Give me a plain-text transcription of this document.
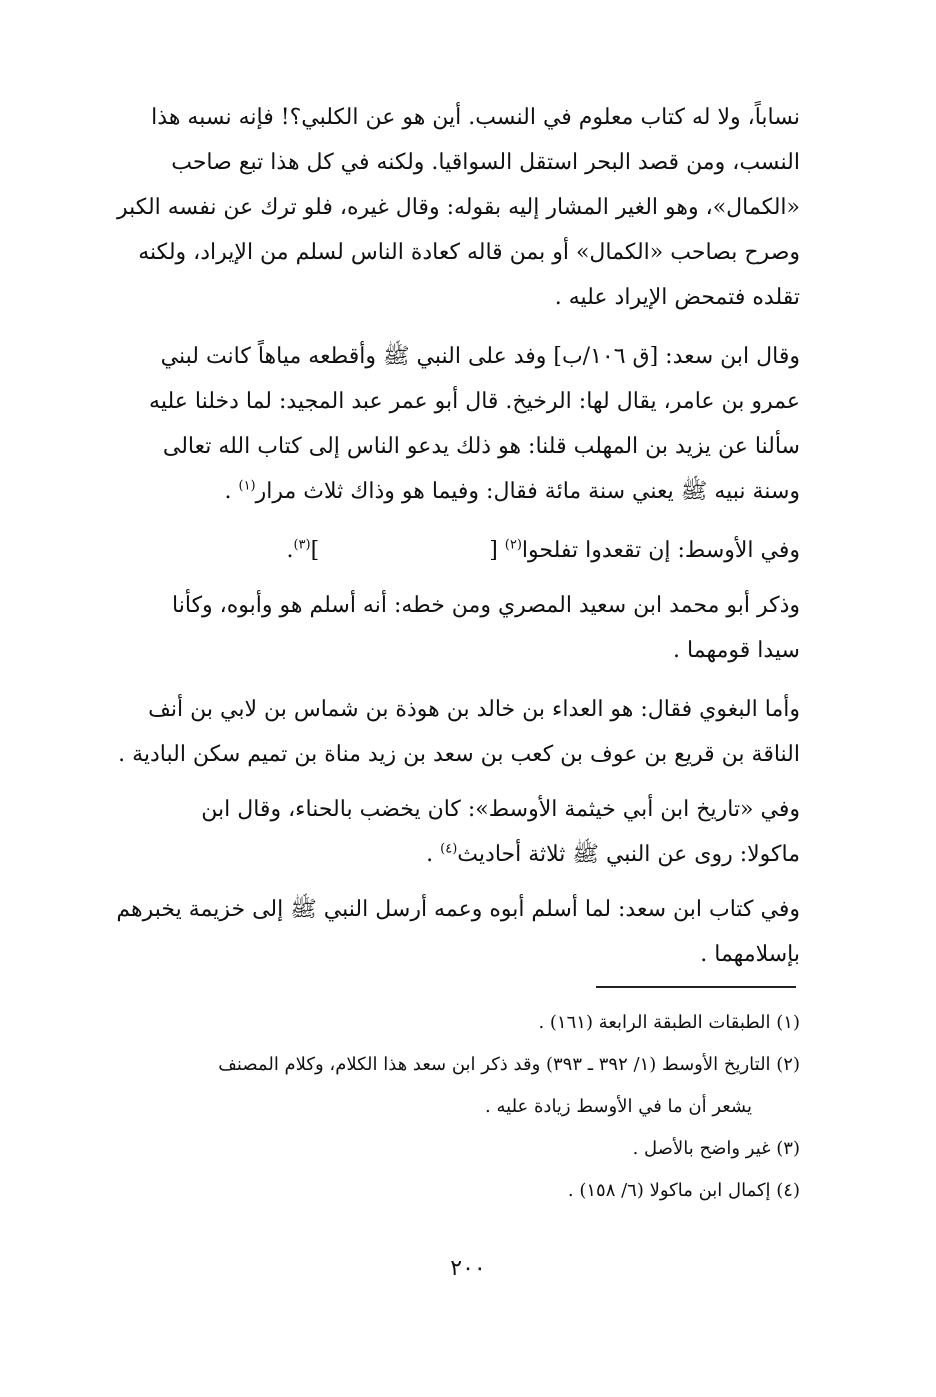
نساباً، ولا له كتاب معلوم في النسب. أين هو عن الكلبي؟! فإنه نسبه هذا
النسب، ومن قصد البحر استقل السواقيا. ولكنه في كل هذا تبع صاحب
«الكمال»، وهو الغير المشار إليه بقوله: وقال غيره، فلو ترك عن نفسه الكبر
وصرح بصاحب «الكمال» أو بمن قاله كعادة الناس لسلم من الإيراد، ولكنه
تقلده فتمحض الإيراد عليه .

وقال ابن سعد: [ق ١٠٦/ب] وفد على النبي ﷺ وأقطعه مياهاً كانت لبني
عمرو بن عامر، يقال لها: الرخيخ. قال أبو عمر عبد المجيد: لما دخلنا عليه
سألنا عن يزيد بن المهلب قلنا: هو ذلك يدعو الناس إلى كتاب الله تعالى
وسنة نبيه ﷺ يعني سنة مائة فقال: وفيما هو وذاك ثلاث مرار$^{(١)}$ .

وفي الأوسط: إن تقعدوا تفلحوا$^{(٢)}$ []$^{(٣)}$.

وذكر أبو محمد ابن سعيد المصري ومن خطه: أنه أسلم هو وأبوه، وكأنا
سيدا قومهما .

وأما البغوي فقال: هو العداء بن خالد بن هوذة بن شماس بن لابي بن أنف
الناقة بن قريع بن عوف بن كعب بن سعد بن زيد مناة بن تميم سكن البادية .

وفي «تاريخ ابن أبي خيثمة الأوسط»: كان يخضب بالحناء، وقال ابن
ماكولا: روى عن النبي ﷺ ثلاثة أحاديث$^{(٤)}$ .

وفي كتاب ابن سعد: لما أسلم أبوه وعمه أرسل النبي ﷺ إلى خزيمة يخبرهم
بإسلامهما .

(١) الطبقات الطبقة الرابعة (١٦١) .
(٢) التاريخ الأوسط (١/ ٣٩٢ ـ ٣٩٣) وقد ذكر ابن سعد هذا الكلام، وكلام المصنف
يشعر أن ما في الأوسط زيادة عليه .
(٣) غير واضح بالأصل .
(٤) إكمال ابن ماكولا (٦/ ١٥٨) .
٢٠٠
